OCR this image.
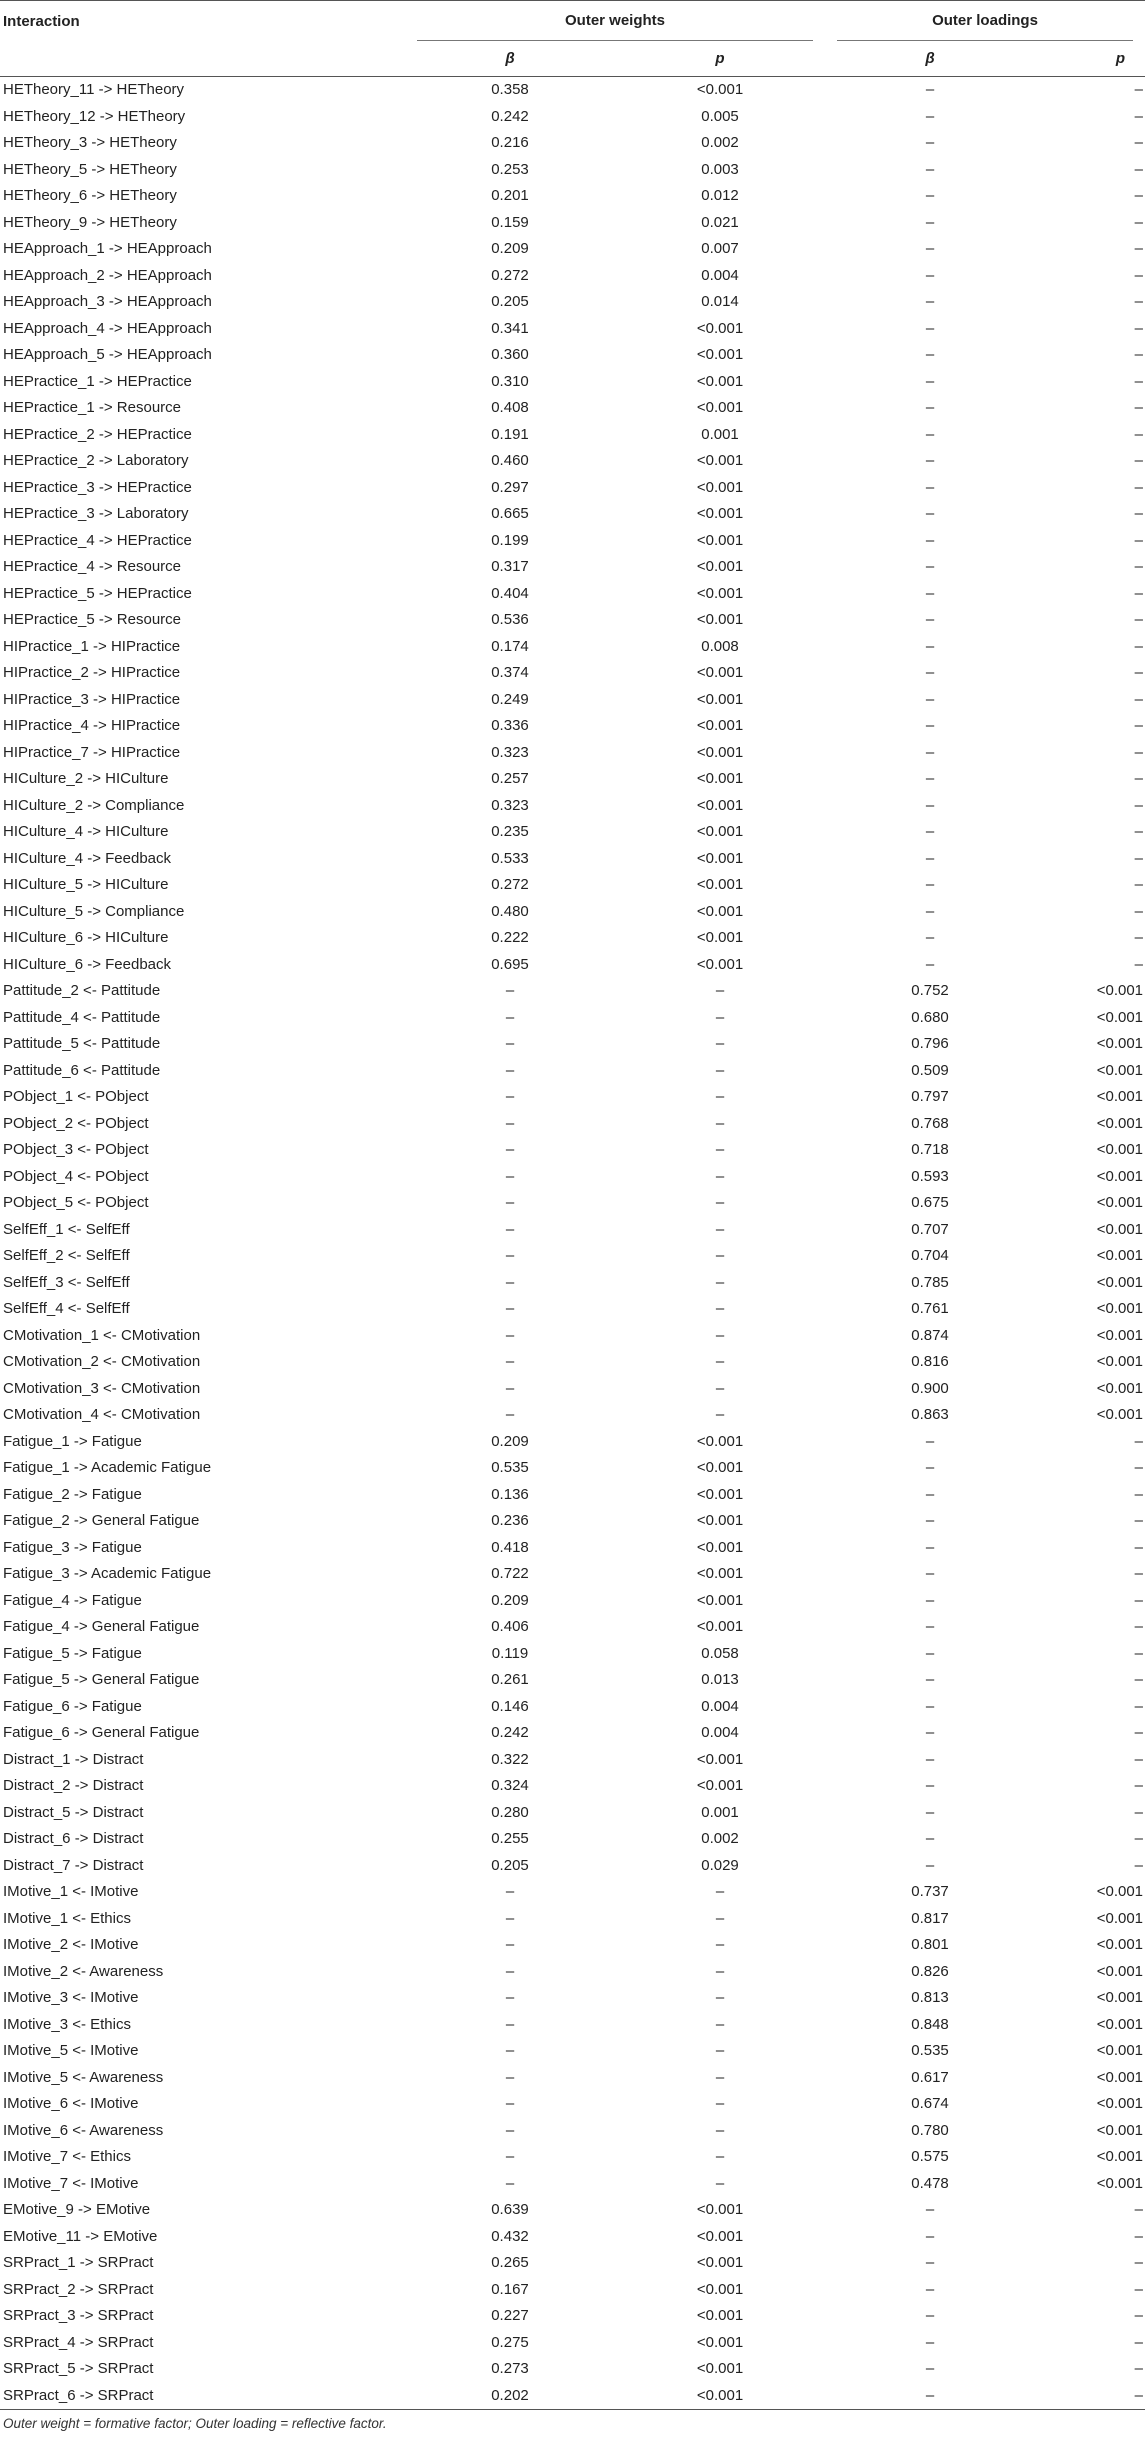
Interaction	Outer weights		Outer loadings	

	β	p	β	p
HETheory_11 -> HETheory	0.358	<0.001	–	–
HETheory_12 -> HETheory	0.242	0.005	–	–
HETheory_3 -> HETheory	0.216	0.002	–	–
HETheory_5 -> HETheory	0.253	0.003	–	–
HETheory_6 -> HETheory	0.201	0.012	–	–
HETheory_9 -> HETheory	0.159	0.021	–	–
HEApproach_1 -> HEApproach	0.209	0.007	–	–
HEApproach_2 -> HEApproach	0.272	0.004	–	–
HEApproach_3 -> HEApproach	0.205	0.014	–	–
HEApproach_4 -> HEApproach	0.341	<0.001	–	–
HEApproach_5 -> HEApproach	0.360	<0.001	–	–
HEPractice_1 -> HEPractice	0.310	<0.001	–	–
HEPractice_1 -> Resource	0.408	<0.001	–	–
HEPractice_2 -> HEPractice	0.191	0.001	–	–
HEPractice_2 -> Laboratory	0.460	<0.001	–	–
HEPractice_3 -> HEPractice	0.297	<0.001	–	–
HEPractice_3 -> Laboratory	0.665	<0.001	–	–
HEPractice_4 -> HEPractice	0.199	<0.001	–	–
HEPractice_4 -> Resource	0.317	<0.001	–	–
HEPractice_5 -> HEPractice	0.404	<0.001	–	–
HEPractice_5 -> Resource	0.536	<0.001	–	–
HIPractice_1 -> HIPractice	0.174	0.008	–	–
HIPractice_2 -> HIPractice	0.374	<0.001	–	–
HIPractice_3 -> HIPractice	0.249	<0.001	–	–
HIPractice_4 -> HIPractice	0.336	<0.001	–	–
HIPractice_7 -> HIPractice	0.323	<0.001	–	–
HICulture_2 -> HICulture	0.257	<0.001	–	–
HICulture_2 -> Compliance	0.323	<0.001	–	–
HICulture_4 -> HICulture	0.235	<0.001	–	–
HICulture_4 -> Feedback	0.533	<0.001	–	–
HICulture_5 -> HICulture	0.272	<0.001	–	–
HICulture_5 -> Compliance	0.480	<0.001	–	–
HICulture_6 -> HICulture	0.222	<0.001	–	–
HICulture_6 -> Feedback	0.695	<0.001	–	–
Pattitude_2 <- Pattitude	–	–	0.752	<0.001
Pattitude_4 <- Pattitude	–	–	0.680	<0.001
Pattitude_5 <- Pattitude	–	–	0.796	<0.001
Pattitude_6 <- Pattitude	–	–	0.509	<0.001
PObject_1 <- PObject	–	–	0.797	<0.001
PObject_2 <- PObject	–	–	0.768	<0.001
PObject_3 <- PObject	–	–	0.718	<0.001
PObject_4 <- PObject	–	–	0.593	<0.001
PObject_5 <- PObject	–	–	0.675	<0.001
SelfEff_1 <- SelfEff	–	–	0.707	<0.001
SelfEff_2 <- SelfEff	–	–	0.704	<0.001
SelfEff_3 <- SelfEff	–	–	0.785	<0.001
SelfEff_4 <- SelfEff	–	–	0.761	<0.001
CMotivation_1 <- CMotivation	–	–	0.874	<0.001
CMotivation_2 <- CMotivation	–	–	0.816	<0.001
CMotivation_3 <- CMotivation	–	–	0.900	<0.001
CMotivation_4 <- CMotivation	–	–	0.863	<0.001
Fatigue_1 -> Fatigue	0.209	<0.001	–	–
Fatigue_1 -> Academic Fatigue	0.535	<0.001	–	–
Fatigue_2 -> Fatigue	0.136	<0.001	–	–
Fatigue_2 -> General Fatigue	0.236	<0.001	–	–
Fatigue_3 -> Fatigue	0.418	<0.001	–	–
Fatigue_3 -> Academic Fatigue	0.722	<0.001	–	–
Fatigue_4 -> Fatigue	0.209	<0.001	–	–
Fatigue_4 -> General Fatigue	0.406	<0.001	–	–
Fatigue_5 -> Fatigue	0.119	0.058	–	–
Fatigue_5 -> General Fatigue	0.261	0.013	–	–
Fatigue_6 -> Fatigue	0.146	0.004	–	–
Fatigue_6 -> General Fatigue	0.242	0.004	–	–
Distract_1 -> Distract	0.322	<0.001	–	–
Distract_2 -> Distract	0.324	<0.001	–	–
Distract_5 -> Distract	0.280	0.001	–	–
Distract_6 -> Distract	0.255	0.002	–	–
Distract_7 -> Distract	0.205	0.029	–	–
IMotive_1 <- IMotive	–	–	0.737	<0.001
IMotive_1 <- Ethics	–	–	0.817	<0.001
IMotive_2 <- IMotive	–	–	0.801	<0.001
IMotive_2 <- Awareness	–	–	0.826	<0.001
IMotive_3 <- IMotive	–	–	0.813	<0.001
IMotive_3 <- Ethics	–	–	0.848	<0.001
IMotive_5 <- IMotive	–	–	0.535	<0.001
IMotive_5 <- Awareness	–	–	0.617	<0.001
IMotive_6 <- IMotive	–	–	0.674	<0.001
IMotive_6 <- Awareness	–	–	0.780	<0.001
IMotive_7 <- Ethics	–	–	0.575	<0.001
IMotive_7 <- IMotive	–	–	0.478	<0.001
EMotive_9 -> EMotive	0.639	<0.001	–	–
EMotive_11 -> EMotive	0.432	<0.001	–	–
SRPract_1 -> SRPract	0.265	<0.001	–	–
SRPract_2 -> SRPract	0.167	<0.001	–	–
SRPract_3 -> SRPract	0.227	<0.001	–	–
SRPract_4 -> SRPract	0.275	<0.001	–	–
SRPract_5 -> SRPract	0.273	<0.001	–	–
SRPract_6 -> SRPract	0.202	<0.001	–	–
Outer weight = formative factor; Outer loading = reflective factor.
